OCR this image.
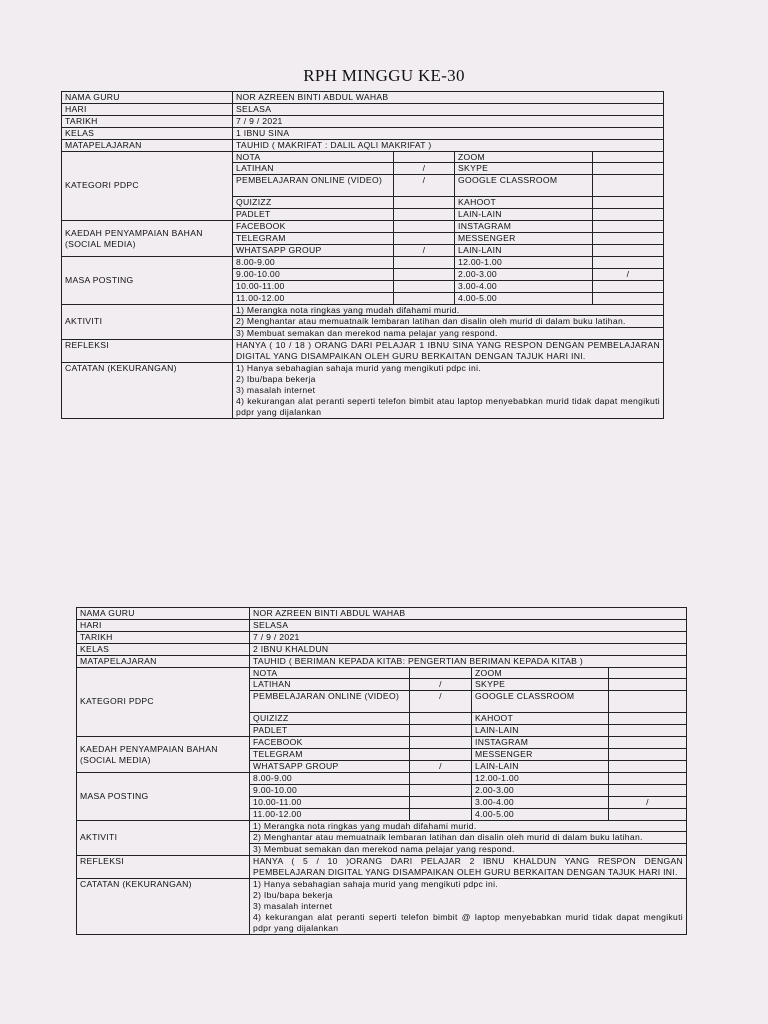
RPH MINGGU KE-30
NAMA GURU	NOR AZREEN BINTI ABDUL WAHAB			
HARI	SELASA			
TARIKH	7 / 9 / 2021			
KELAS	1 IBNU SINA			
MATAPELAJARAN	TAUHID ( MAKRIFAT : DALIL AQLI MAKRIFAT )			
KATEGORI PDPC	NOTA		ZOOM	
	LATIHAN	/	SKYPE	
	PEMBELAJARAN ONLINE (VIDEO)	/	GOOGLE CLASSROOM	
	QUIZIZZ		KAHOOT	
	PADLET		LAIN-LAIN	
KAEDAH PENYAMPAIAN BAHAN (SOCIAL MEDIA)	FACEBOOK		INSTAGRAM	
	TELEGRAM		MESSENGER	
	WHATSAPP GROUP	/	LAIN-LAIN	
MASA POSTING	8.00-9.00		12.00-1.00	
	9.00-10.00		2.00-3.00	/
	10.00-11.00		3.00-4.00	
	11.00-12.00		4.00-5.00	
AKTIVITI	1) Merangka nota ringkas yang mudah difahami murid.			
	2) Menghantar atau memuatnaik lembaran latihan dan disalin oleh murid di dalam buku latihan.			
	3) Membuat semakan dan merekod nama pelajar yang respond.			
REFLEKSI	HANYA ( 10 / 18 ) ORANG DARI PELAJAR 1 IBNU SINA YANG RESPON DENGAN PEMBELAJARAN DIGITAL YANG DISAMPAIKAN OLEH GURU BERKAITAN DENGAN TAJUK HARI INI.			
CATATAN (KEKURANGAN)	1) Hanya sebahagian sahaja murid yang mengikuti pdpc ini.
2) Ibu/bapa bekerja
3) masalah internet
4) kekurangan alat peranti seperti telefon bimbit atau laptop menyebabkan murid tidak dapat mengikuti pdpr yang dijalankan			
NAMA GURU	NOR AZREEN BINTI ABDUL WAHAB			
HARI	SELASA			
TARIKH	7 / 9 / 2021			
KELAS	2 IBNU KHALDUN			
MATAPELAJARAN	TAUHID ( BERIMAN KEPADA KITAB: PENGERTIAN BERIMAN KEPADA KITAB )			
KATEGORI PDPC	NOTA		ZOOM	
	LATIHAN	/	SKYPE	
	PEMBELAJARAN ONLINE (VIDEO)	/	GOOGLE CLASSROOM	
	QUIZIZZ		KAHOOT	
	PADLET		LAIN-LAIN	
KAEDAH PENYAMPAIAN BAHAN (SOCIAL MEDIA)	FACEBOOK		INSTAGRAM	
	TELEGRAM		MESSENGER	
	WHATSAPP GROUP	/	LAIN-LAIN	
MASA POSTING	8.00-9.00		12.00-1.00	
	9.00-10.00		2.00-3.00	
	10.00-11.00		3.00-4.00	/
	11.00-12.00		4.00-5.00	
AKTIVITI	1) Merangka nota ringkas yang mudah difahami murid.			
	2) Menghantar atau memuatnaik lembaran latihan dan disalin oleh murid di dalam buku latihan.			
	3) Membuat semakan dan merekod nama pelajar yang respond.			
REFLEKSI	HANYA ( 5 / 10 )ORANG DARI PELAJAR 2 IBNU KHALDUN YANG RESPON DENGAN PEMBELAJARAN DIGITAL YANG DISAMPAIKAN OLEH GURU BERKAITAN DENGAN TAJUK HARI INI.			
CATATAN (KEKURANGAN)	1) Hanya sebahagian sahaja murid yang mengikuti pdpc ini.
2) Ibu/bapa bekerja
3) masalah internet
4) kekurangan alat peranti seperti telefon bimbit @ laptop menyebabkan murid tidak dapat mengikuti pdpr yang dijalankan			
